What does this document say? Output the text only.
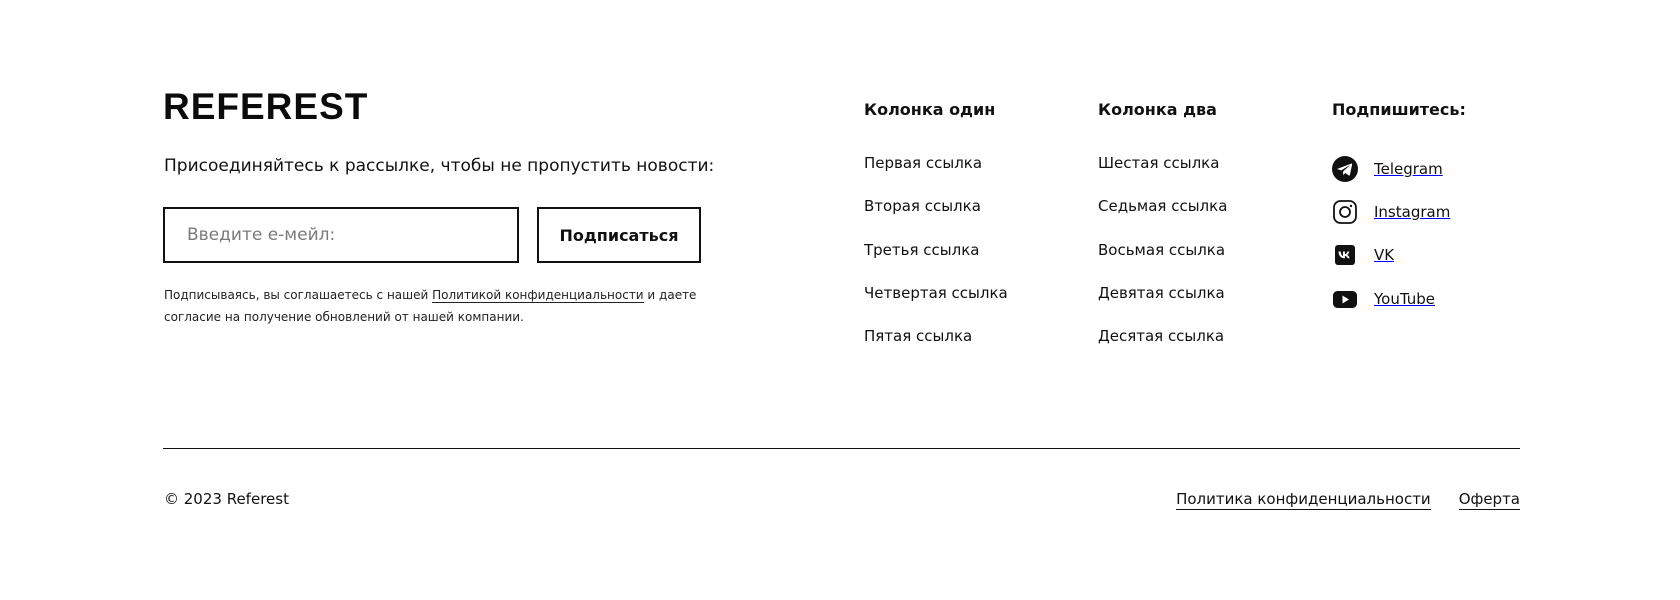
REFEREST

Присоединяйтесь к рассылке, чтобы не пропустить новости:

Введите е-мейл:
Подписаться

Подписываясь, вы соглашаетесь с нашей Политикой конфиденциальности и даете согласие на получение обновлений от нашей компании.

Колонка один
Первая ссылка
Вторая ссылка
Третья ссылка
Четвертая ссылка
Пятая ссылка
Колонка два
Шестая ссылка
Седьмая ссылка
Восьмая ссылка
Девятая ссылка
Десятая ссылка
Подпишитесь:
Telegram
Instagram
VK
YouTube
© 2023 Referest	Политика конфиденциальности Оферта
